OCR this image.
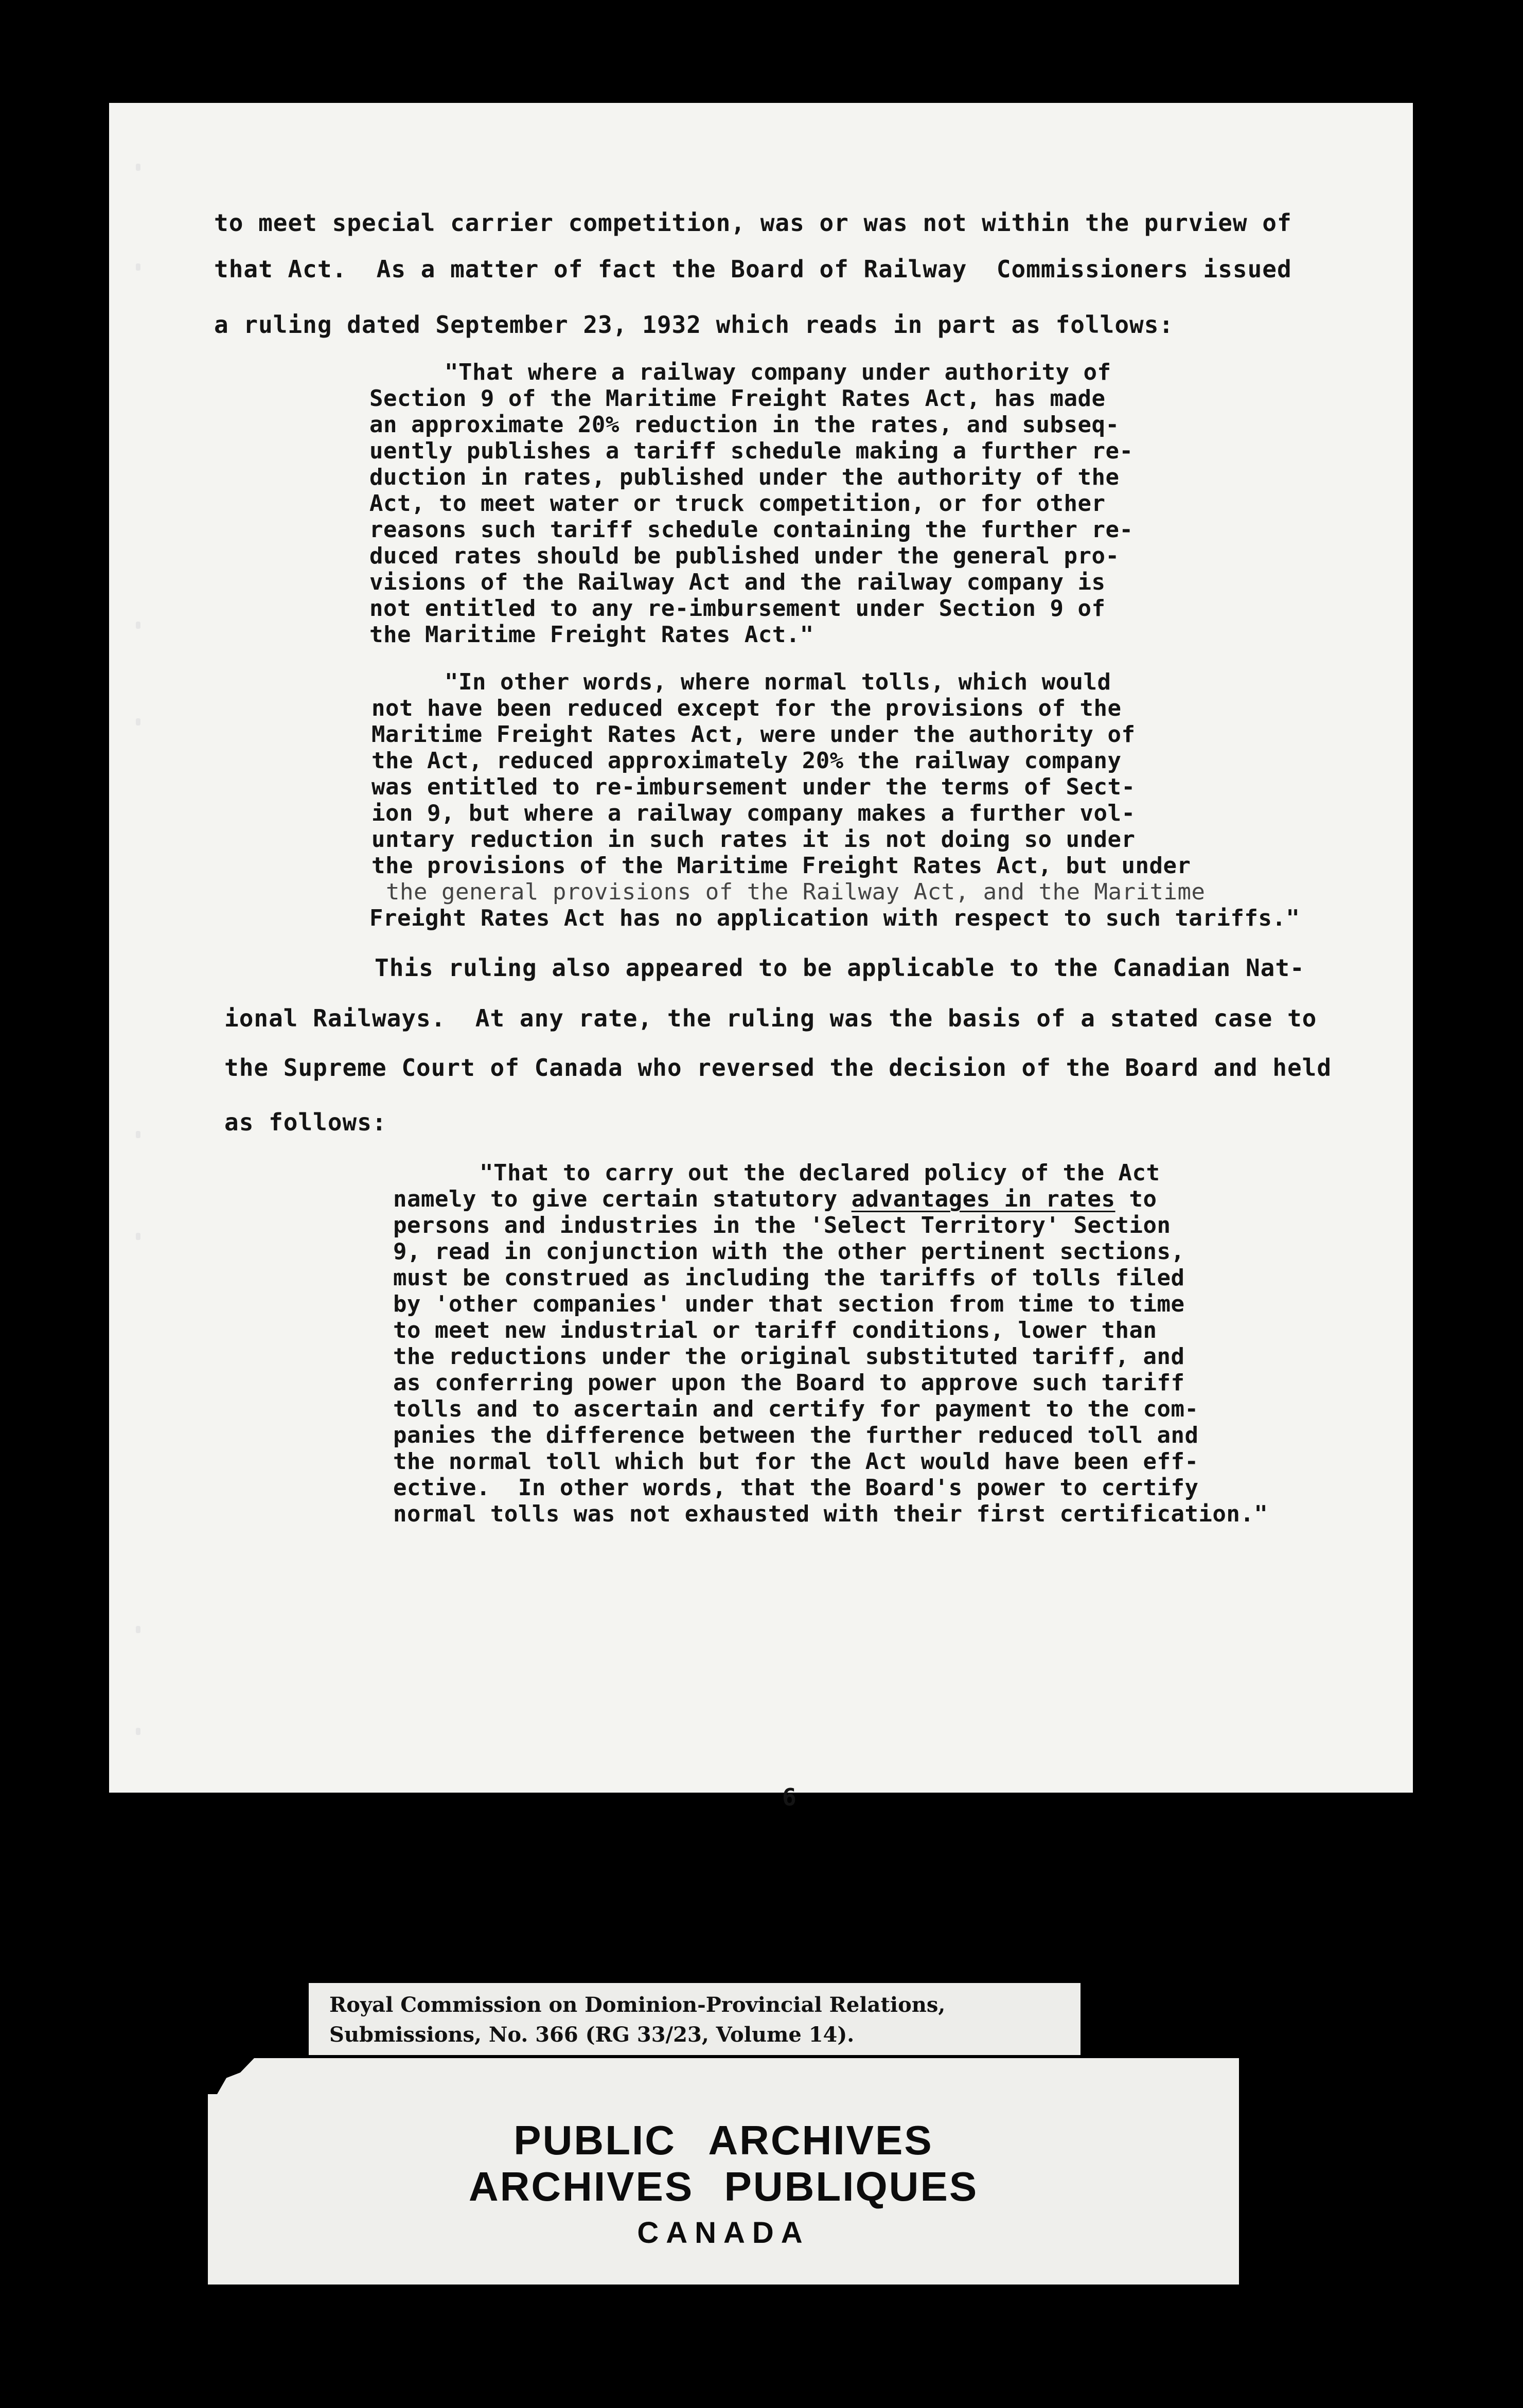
to meet special carrier competition, was or was not within the purview of
that Act.  As a matter of fact the Board of Railway  Commissioners issued
a ruling dated September 23, 1932 which reads in part as follows:
"That where a railway company under authority of
Section 9 of the Maritime Freight Rates Act, has made
an approximate 20% reduction in the rates, and subseq-
uently publishes a tariff schedule making a further re-
duction in rates, published under the authority of the
Act, to meet water or truck competition, or for other
reasons such tariff schedule containing the further re-
duced rates should be published under the general pro-
visions of the Railway Act and the railway company is
not entitled to any re-imbursement under Section 9 of
the Maritime Freight Rates Act."
"In other words, where normal tolls, which would
not have been reduced except for the provisions of the
Maritime Freight Rates Act, were under the authority of
the Act, reduced approximately 20% the railway company
was entitled to re-imbursement under the terms of Sect-
ion 9, but where a railway company makes a further vol-
untary reduction in such rates it is not doing so under
the provisions of the Maritime Freight Rates Act, but under
the general provisions of the Railway Act, and the Maritime
Freight Rates Act has no application with respect to such tariffs."
This ruling also appeared to be applicable to the Canadian Nat-
ional Railways.  At any rate, the ruling was the basis of a stated case to
the Supreme Court of Canada who reversed the decision of the Board and held
as follows:
"That to carry out the declared policy of the Act
namely to give certain statutory advantages in rates to
persons and industries in the 'Select Territory' Section
9, read in conjunction with the other pertinent sections,
must be construed as including the tariffs of tolls filed
by 'other companies' under that section from time to time
to meet new industrial or tariff conditions, lower than
the reductions under the original substituted tariff, and
as conferring power upon the Board to approve such tariff
tolls and to ascertain and certify for payment to the com-
panies the difference between the further reduced toll and
the normal toll which but for the Act would have been eff-
ective.  In other words, that the Board's power to certify
normal tolls was not exhausted with their first certification."
6
Royal Commission on Dominion-Provincial Relations,
Submissions, No. 366 (RG 33/23, Volume 14).
PUBLIC ARCHIVES
ARCHIVES PUBLIQUES
CANADA
